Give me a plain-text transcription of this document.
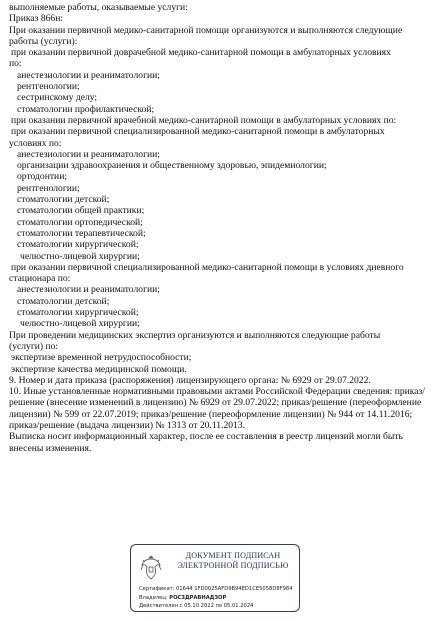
выполняемые работы, оказываемые услуги:
Приказ 866н:
При оказании первичной медико-санитарной помощи организуются и выполняются следующие
работы (услуги):
при оказании первичной доврачебной медико-санитарной помощи в амбулаторных условиях
по:
анестезиологии и реаниматологии;
рентгенологии;
сестринскому делу;
стоматологии профилактической;
при оказании первичной врачебной медико-санитарной помощи в амбулаторных условиях по:
при оказании первичной специализированной медико-санитарной помощи в амбулаторных
условиях по:
анестезиологии и реаниматологии;
организации здравоохранения и общественному здоровью, эпидемиологии;
ортодонтии;
рентгенологии;
стоматологии детской;
стоматологии общей практики;
стоматологии ортопедической;
стоматологии терапевтической;
стоматологии хирургической;
челюстно-лицевой хирургии;
при оказании первичной специализированной медико-санитарной помощи в условиях дневного
стационара по:
анестезиологии и реаниматологии;
стоматологии детской;
стоматологии хирургической;
челюстно-лицевой хирургии;
При проведении медицинских экспертиз организуются и выполняются следующие работы
(услуги) по:
экспертизе временной нетрудоспособности;
экспертизе качества медицинской помощи.
9. Номер и дата приказа (распоряжения) лицензирующего органа: № 6929 от 29.07.2022.
10. Иные установленные нормативными правовыми актами Российской Федерации сведения: приказ/решение (внесение изменений в лицензию) № 6929 от 29.07.2022; приказ/решение (переоформление лицензии) № 599 от 22.07.2019; приказ/решение (переоформление лицензии) № 944 от 14.11.2016; приказ/решение (выдача лицензии) № 1313 от 20.11.2013.
Выписка носит информационный характер, после ее составления в реестр лицензий могли быть внесены изменения.
ДОКУМЕНТ ПОДПИСАН
ЭЛЕКТРОННОЙ ПОДПИСЬЮ
Сертификат: 01644 1FD0025AFD9B94ED1CE5058D8F984
Владелец: РОСЗДРАВНАДЗОР
Действителен с 05.10.2022 по 05.01.2024
